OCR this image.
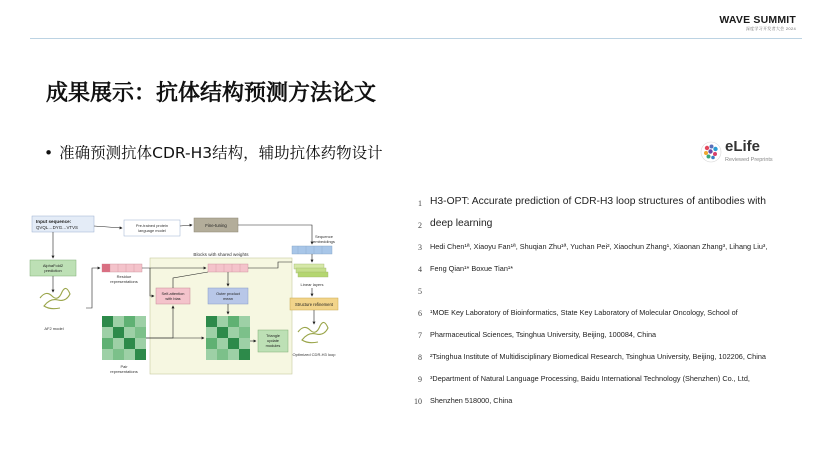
WAVE SUMMIT
深度学习开发者大会 2024
成果展示：抗体结构预测方法论文
• 准确预测抗体CDR-H3结构，辅助抗体药物设计	eLife
Reviewed Preprints
Blocks with shared weights
Input sequence:
QVQL…DYG…VTVS	Pre-trained protein
language model
Fine-tuning
Sequence
embeddings
AlphaFold2
prediction
AF2 model
Residue
representations
Self-attention
with bias
Outer product
mean
Pair
representations
Triangle
update
modules
Linear layers
Structure refinement
Optimized CDR-H3 loop
1 H3-OPT: Accurate prediction of CDR-H3 loop structures of antibodies with
2 deep learning
3 Hedi Chen¹ª, Xiaoyu Fan¹ª, Shuqian Zhu¹ª, Yuchan Pei², Xiaochun Zhang¹, Xiaonan Zhang³, Lihang Liu³,
4 Feng Qian¹* Boxue Tian¹*
5
6 ¹MOE Key Laboratory of Bioinformatics, State Key Laboratory of Molecular Oncology, School of
7 Pharmaceutical Sciences, Tsinghua University, Beijing, 100084, China
8 ²Tsinghua Institute of Multidisciplinary Biomedical Research, Tsinghua University, Beijing, 102206, China
9 ³Department of Natural Language Processing, Baidu International Technology (Shenzhen) Co., Ltd,
10 Shenzhen 518000, China
